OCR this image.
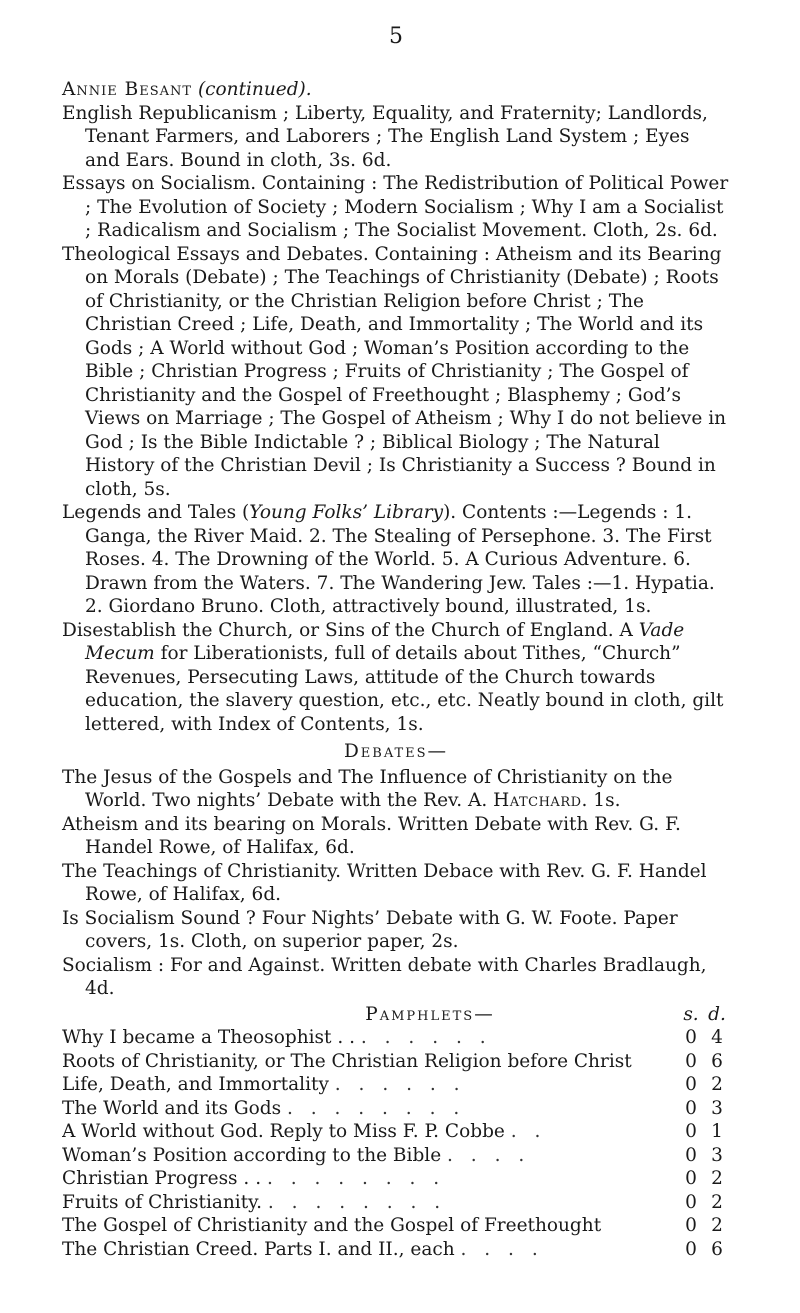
5
Annie Besant (continued).

English Republicanism ; Liberty, Equality, and Fraternity; Landlords, Tenant Farmers, and Laborers ; The English Land System ; Eyes and Ears. Bound in cloth, 3s. 6d.

Essays on Socialism. Containing : The Redistribution of Political Power ; The Evolution of Society ; Modern Socialism ; Why I am a Socialist ; Radicalism and Socialism ; The Socialist Movement. Cloth, 2s. 6d.

Theological Essays and Debates. Containing : Atheism and its Bearing on Morals (Debate) ; The Teachings of Christianity (Debate) ; Roots of Christianity, or the Christian Religion before Christ ; The Christian Creed ; Life, Death, and Immortality ; The World and its Gods ; A World without God ; Woman’s Position according to the Bible ; Christian Progress ; Fruits of Christianity ; The Gospel of Christianity and the Gospel of Freethought ; Blasphemy ; God’s Views on Marriage ; The Gospel of Atheism ; Why I do not believe in God ; Is the Bible Indictable ? ; Biblical Biology ; The Natural History of the Christian Devil ; Is Christianity a Success ? Bound in cloth, 5s.

Legends and Tales (Young Folks’ Library). Contents :—Legends : 1. Ganga, the River Maid. 2. The Stealing of Persephone. 3. The First Roses. 4. The Drowning of the World. 5. A Curious Adventure. 6. Drawn from the Waters. 7. The Wandering Jew. Tales :—1. Hypatia. 2. Giordano Bruno. Cloth, attractively bound, illustrated, 1s.

Disestablish the Church, or Sins of the Church of England. A Vade Mecum for Liberationists, full of details about Tithes, “Church” Revenues, Persecuting Laws, attitude of the Church towards education, the slavery question, etc., etc. Neatly bound in cloth, gilt lettered, with Index of Contents, 1s.

Debates—

The Jesus of the Gospels and The Influence of Christianity on the World. Two nights’ Debate with the Rev. A. Hatchard. 1s.

Atheism and its bearing on Morals. Written Debate with Rev. G. F. Handel Rowe, of Halifax, 6d.

The Teachings of Christianity. Written Debace with Rev. G. F. Handel Rowe, of Halifax, 6d.

Is Socialism Sound ? Four Nights’ Debate with G. W. Foote. Paper covers, 1s. Cloth, on superior paper, 2s.

Socialism : For and Against. Written debate with Charles Bradlaugh, 4d.

Pamphlets—	s. d.
Why I became a Theosophist . . . . . . . .	0 4
Roots of Christianity, or The Christian Religion before Christ	0 6
Life, Death, and Immortality . . . . . .	0 2
The World and its Gods . . . . . . . .	0 3
A World without God. Reply to Miss F. P. Cobbe . .	0 1
Woman’s Position according to the Bible . . . .	0 3
Christian Progress . . . . . . . . . .	0 2
Fruits of Christianity. . . . . . . . .	0 2
The Gospel of Christianity and the Gospel of Freethought	0 2
The Christian Creed. Parts I. and II., each . . . .	0 6
